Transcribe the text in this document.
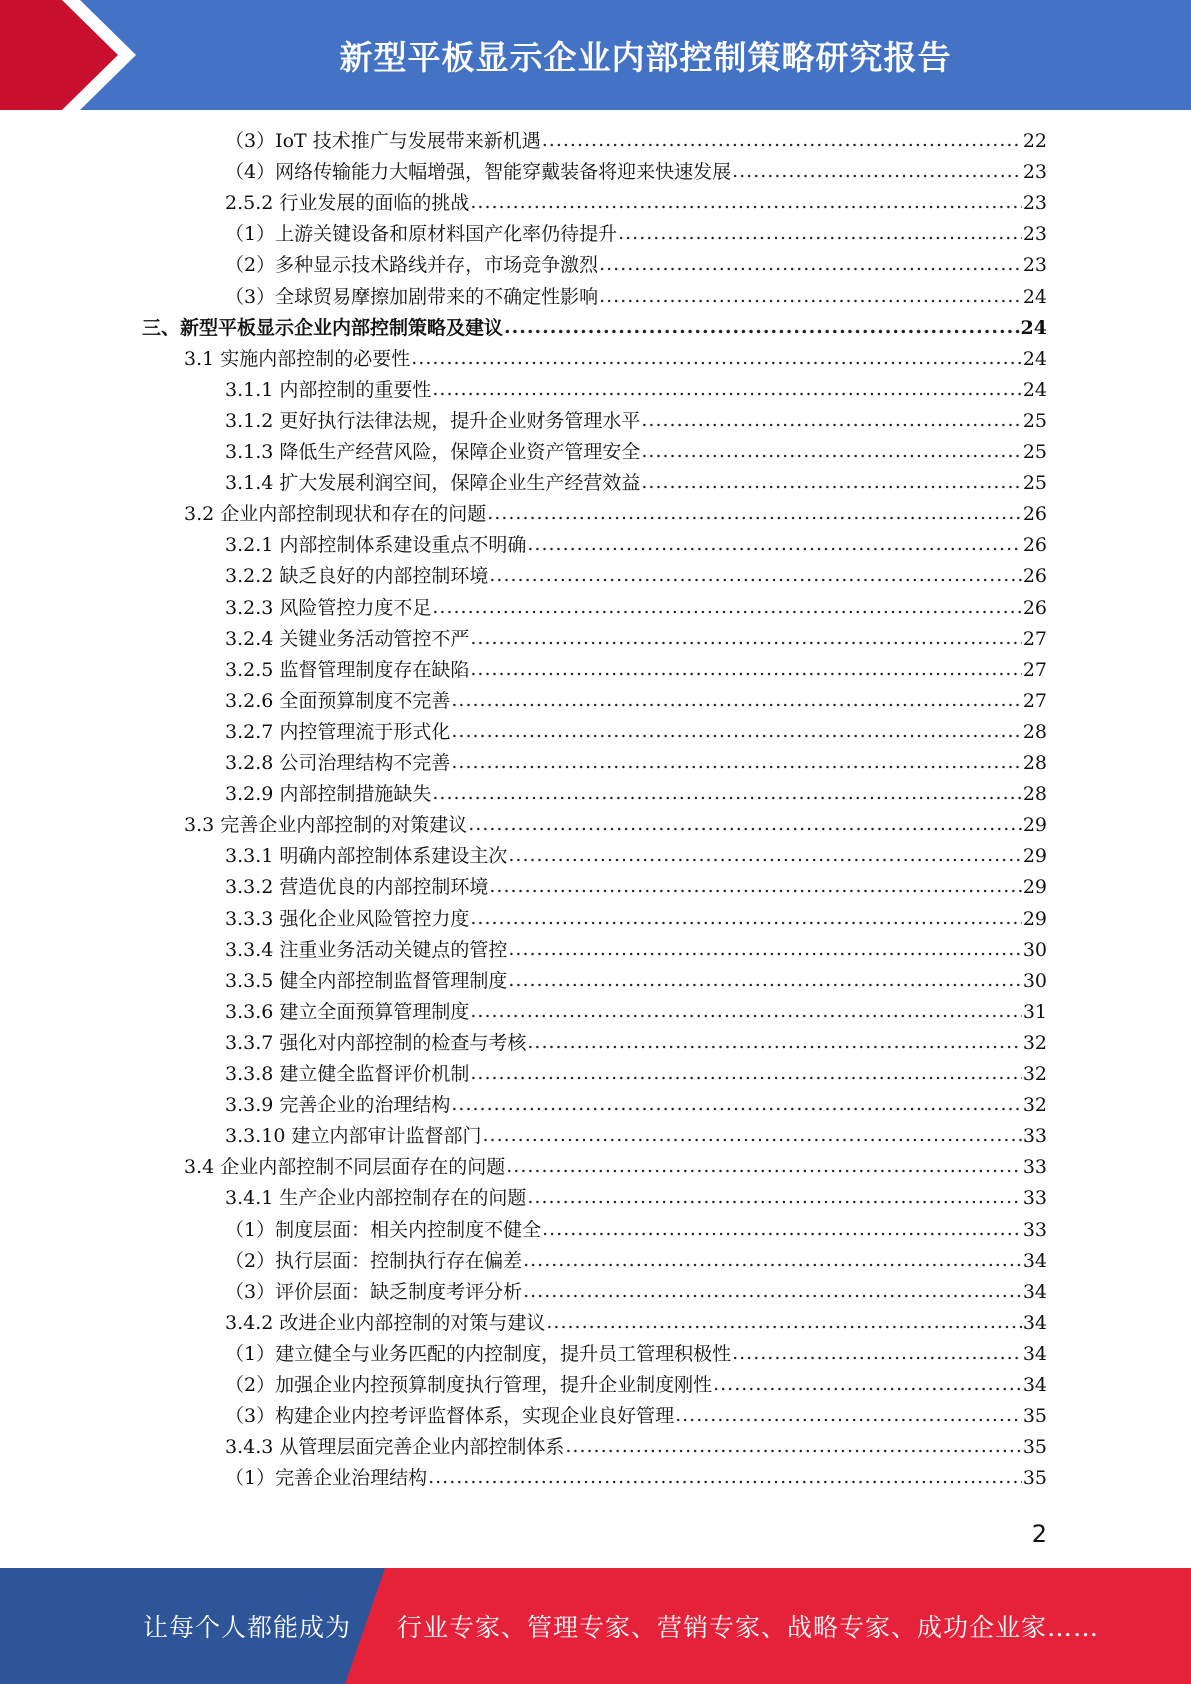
新型平板显示企业内部控制策略研究报告
（3）IoT 技术推广与发展带来新机遇 .....	22
（4）网络传输能力大幅增强，智能穿戴装备将迎来快速发展 .....	23
2.5.2 行业发展的面临的挑战 .....	23
（1）上游关键设备和原材料国产化率仍待提升 .....	23
（2）多种显示技术路线并存，市场竞争激烈 .....	23
（3）全球贸易摩擦加剧带来的不确定性影响 .....	24
三、新型平板显示企业内部控制策略及建议 .....	24
3.1 实施内部控制的必要性 .....	24
3.1.1 内部控制的重要性 .....	24
3.1.2 更好执行法律法规，提升企业财务管理水平 .....	25
3.1.3 降低生产经营风险，保障企业资产管理安全 .....	25
3.1.4 扩大发展利润空间，保障企业生产经营效益 .....	25
3.2 企业内部控制现状和存在的问题 .....	26
3.2.1 内部控制体系建设重点不明确 .....	26
3.2.2 缺乏良好的内部控制环境 .....	26
3.2.3 风险管控力度不足 .....	26
3.2.4 关键业务活动管控不严 .....	27
3.2.5 监督管理制度存在缺陷 .....	27
3.2.6 全面预算制度不完善 .....	27
3.2.7 内控管理流于形式化 .....	28
3.2.8 公司治理结构不完善 .....	28
3.2.9 内部控制措施缺失 .....	28
3.3 完善企业内部控制的对策建议 .....	29
3.3.1 明确内部控制体系建设主次 .....	29
3.3.2 营造优良的内部控制环境 .....	29
3.3.3 强化企业风险管控力度 .....	29
3.3.4 注重业务活动关键点的管控 .....	30
3.3.5 健全内部控制监督管理制度 .....	30
3.3.6 建立全面预算管理制度 .....	31
3.3.7 强化对内部控制的检查与考核 .....	32
3.3.8 建立健全监督评价机制 .....	32
3.3.9 完善企业的治理结构 .....	32
3.3.10 建立内部审计监督部门 .....	33
3.4 企业内部控制不同层面存在的问题 .....	33
3.4.1 生产企业内部控制存在的问题 .....	33
（1）制度层面：相关内控制度不健全 .....	33
（2）执行层面：控制执行存在偏差 .....	34
（3）评价层面：缺乏制度考评分析 .....	34
3.4.2 改进企业内部控制的对策与建议 .....	34
（1）建立健全与业务匹配的内控制度，提升员工管理积极性 .....	34
（2）加强企业内控预算制度执行管理，提升企业制度刚性 .....	34
（3）构建企业内控考评监督体系，实现企业良好管理 .....	35
3.4.3 从管理层面完善企业内部控制体系 .....	35
（1）完善企业治理结构 .....	35
2
让每个人都能成为 行业专家、管理专家、营销专家、战略专家、成功企业家……
